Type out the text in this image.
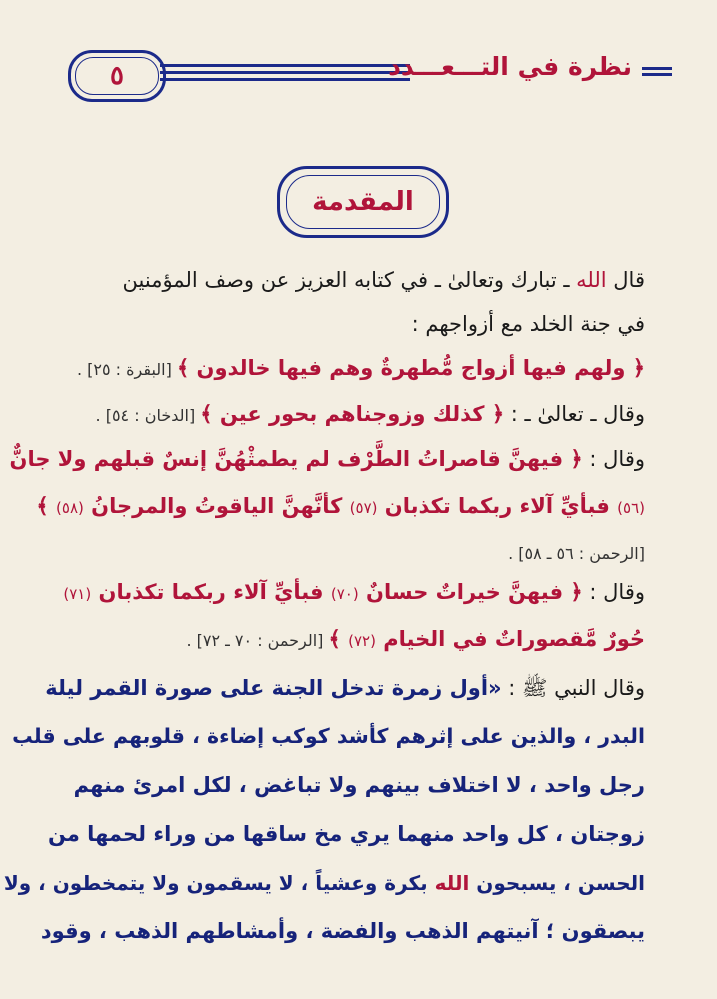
٥	نظرة في التـــعـــدد
المقدمة
قال الله ـ تبارك وتعالىٰ ـ في كتابه العزيز عن وصف المؤمنين
في جنة الخلد مع أزواجهم :
﴿ ولهم فيها أزواج مُّطهرةٌ وهم فيها خالدون ﴾ [البقرة : ٢٥] .
وقال ـ تعالىٰ ـ : ﴿ كذلك وزوجناهم بحور عين ﴾ [الدخان : ٥٤] .
وقال : ﴿ فيهنَّ قاصراتُ الطَّرْف لم يطمثْهُنَّ إنسٌ قبلهم ولا جانٌّ
(٥٦) فبأيِّ آلاء ربكما تكذبان (٥٧) كأنَّهنَّ الياقوتُ والمرجانُ (٥٨) ﴾
[الرحمن : ٥٦ ـ ٥٨] .
وقال : ﴿ فيهنَّ خيراتٌ حسانٌ (٧٠) فبأيِّ آلاء ربكما تكذبان (٧١)
حُورٌ مَّقصوراتٌ في الخيام (٧٢) ﴾ [الرحمن : ٧٠ ـ ٧٢] .
وقال النبي ﷺ : «أول زمرة تدخل الجنة على صورة القمر ليلة
البدر ، والذين على إثرهم كأشد كوكب إضاءة ، قلوبهم على قلب
رجل واحد ، لا اختلاف بينهم ولا تباغض ، لكل امرئ منهم
زوجتان ، كل واحد منهما يري مخ ساقها من وراء لحمها من
الحسن ، يسبحون الله بكرة وعشياً ، لا يسقمون ولا يتمخطون ، ولا
يبصقون ؛ آنيتهم الذهب والفضة ، وأمشاطهم الذهب ، وقود
